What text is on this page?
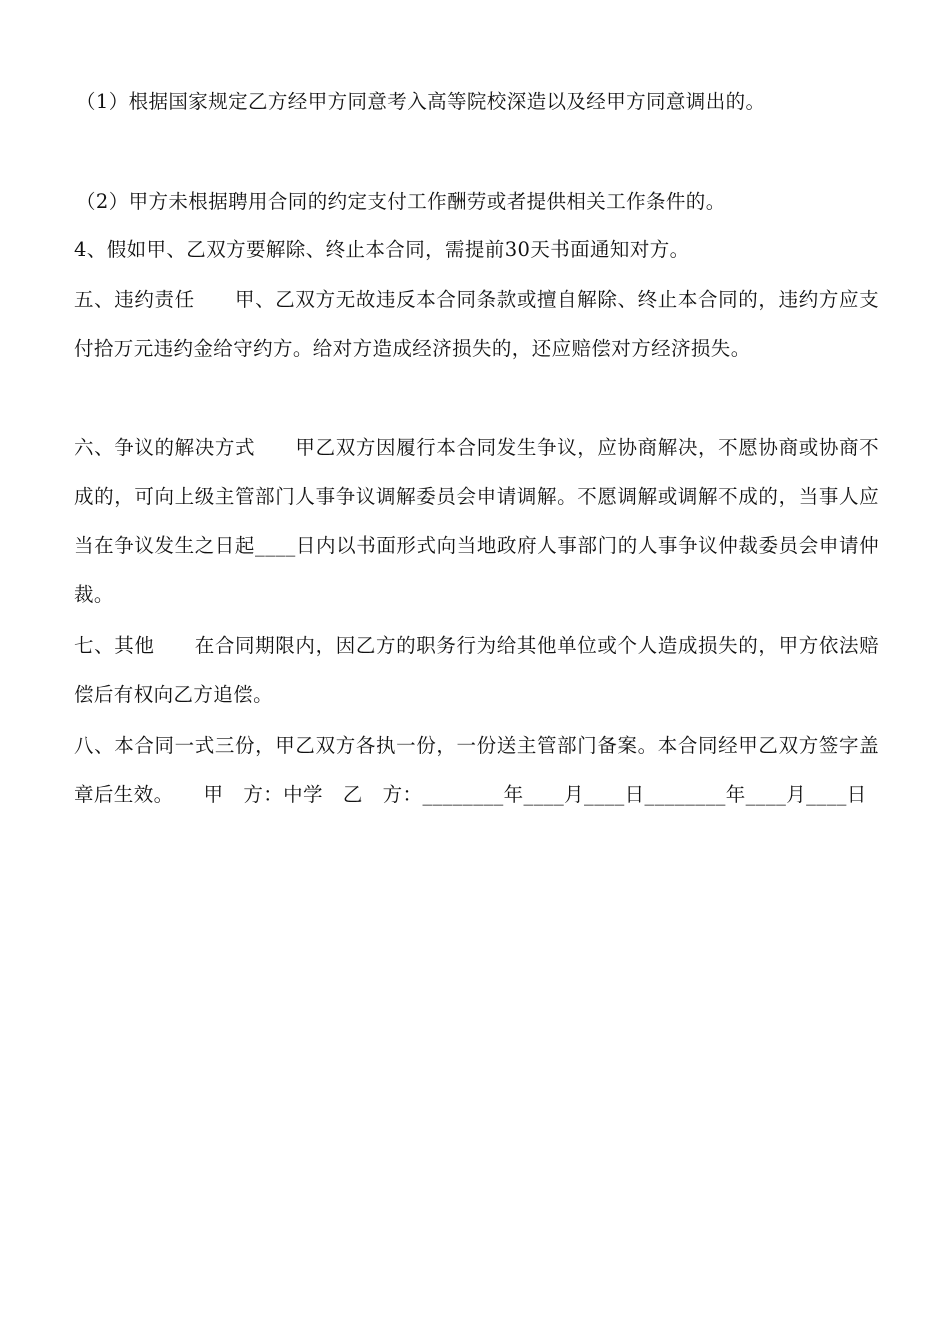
（1）根据国家规定乙方经甲方同意考入高等院校深造以及经甲方同意调出的。

（2）甲方未根据聘用合同的约定支付工作酬劳或者提供相关工作条件的。

4、假如甲、乙双方要解除、终止本合同，需提前30天书面通知对方。

五、违约责任　　甲、乙双方无故违反本合同条款或擅自解除、终止本合同的，违约方应支付拾万元违约金给守约方。给对方造成经济损失的，还应赔偿对方经济损失。

六、争议的解决方式　　甲乙双方因履行本合同发生争议，应协商解决，不愿协商或协商不成的，可向上级主管部门人事争议调解委员会申请调解。不愿调解或调解不成的，当事人应当在争议发生之日起____日内以书面形式向当地政府人事部门的人事争议仲裁委员会申请仲裁。

七、其他　　在合同期限内，因乙方的职务行为给其他单位或个人造成损失的，甲方依法赔偿后有权向乙方追偿。

八、本合同一式三份，甲乙双方各执一份，一份送主管部门备案。本合同经甲乙双方签字盖章后生效。　　甲　方：中学　乙　方：________年____月____日________年____月____日
